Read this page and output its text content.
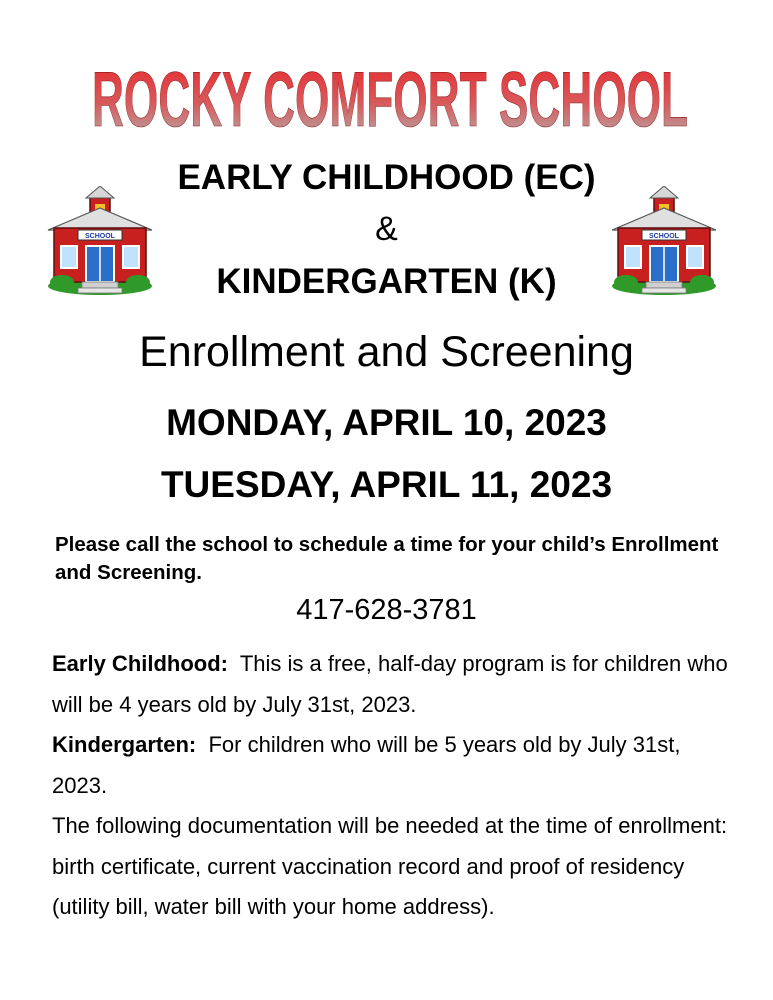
ROCKY COMFORT SCHOOL
SCHOOL	SCHOOL
EARLY CHILDHOOD (EC)
&
KINDERGARTEN (K)
Enrollment and Screening
MONDAY, APRIL 10, 2023
TUESDAY, APRIL 11, 2023
Please call the school to schedule a time for your child’s Enrollment and Screening.
417-628-3781

Early Childhood: This is a free, half-day program is for children who will be 4 years old by July 31st, 2023.

Kindergarten: For children who will be 5 years old by July 31st, 2023.

The following documentation will be needed at the time of enrollment: birth certificate, current vaccination record and proof of residency (utility bill, water bill with your home address).
